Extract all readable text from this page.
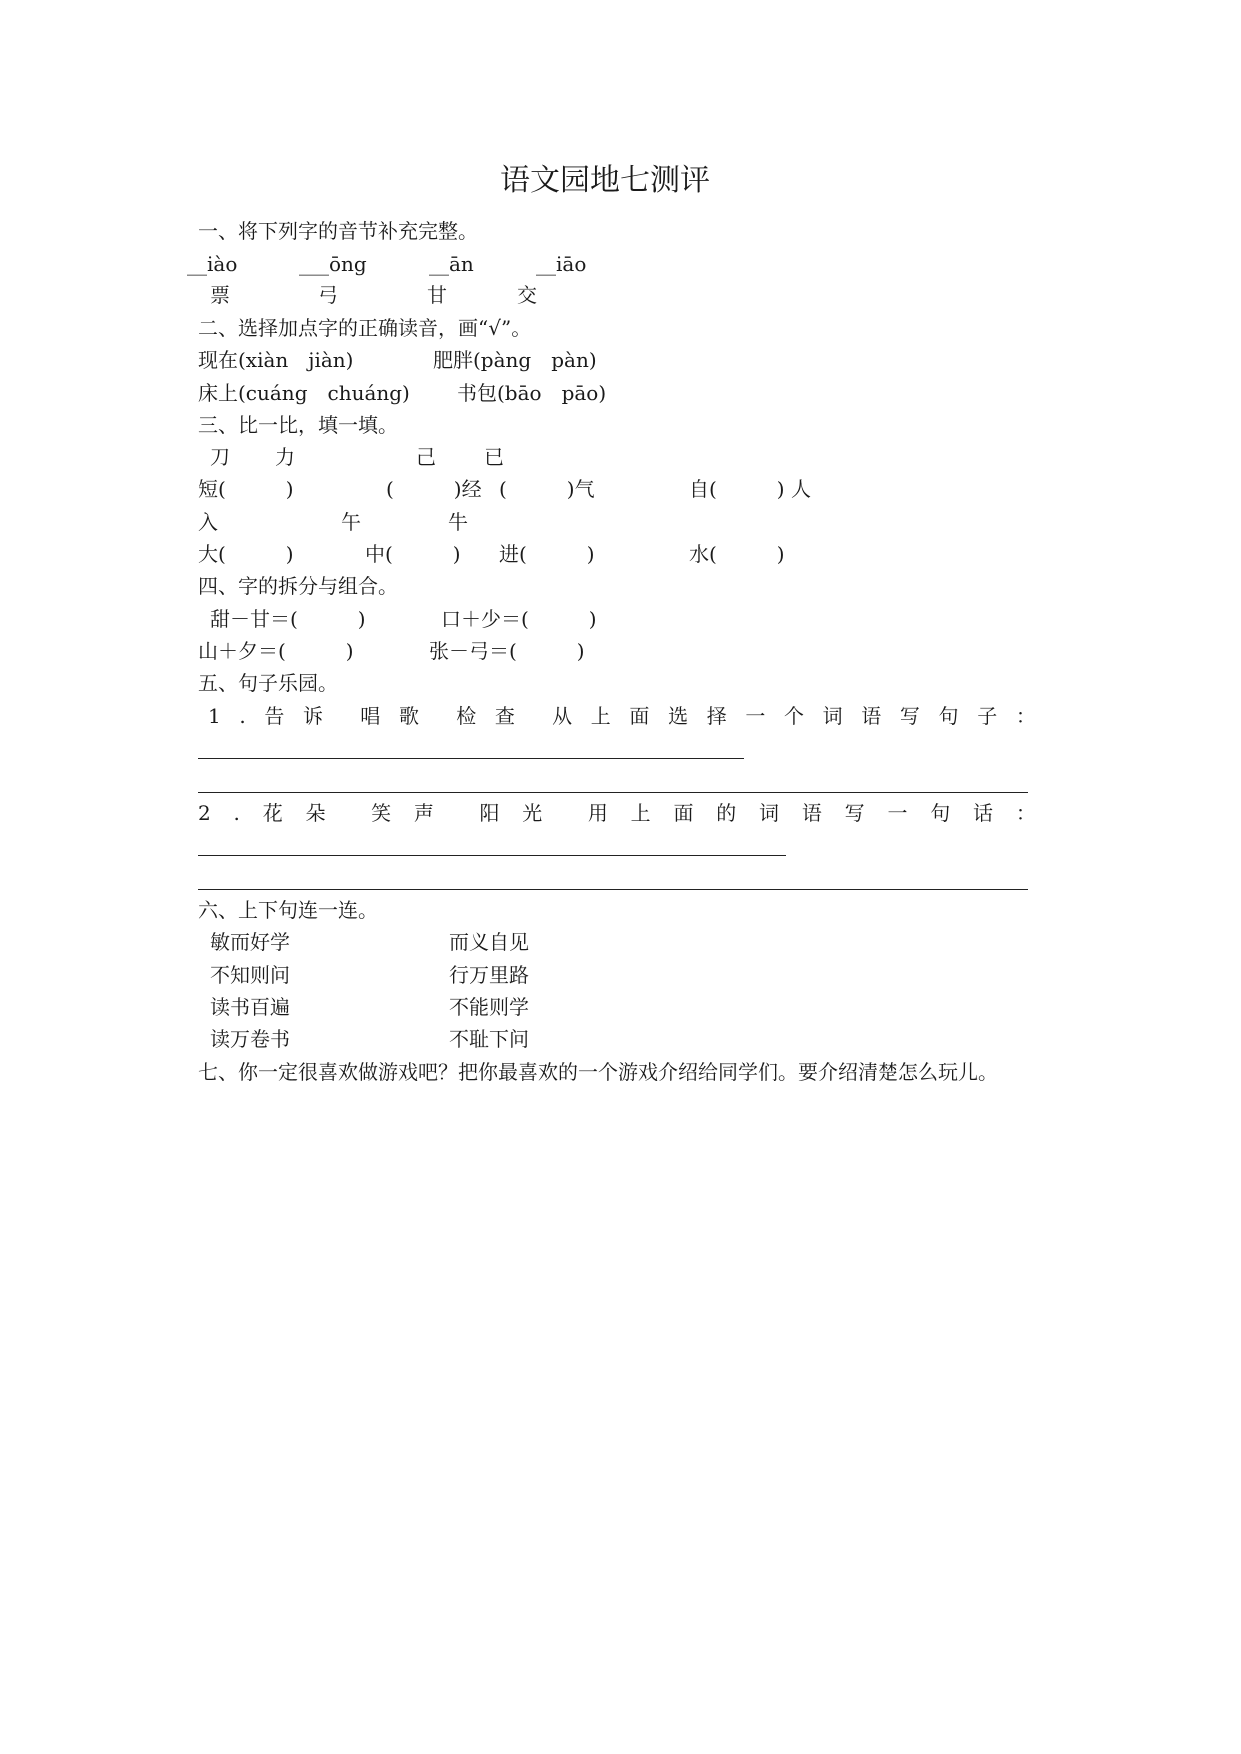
语文园地七测评
一、将下列字的音节补充完整。
__iào	___ōng	__ān	__iāo
票	弓	甘	交
二、选择加点字的正确读音，画“√”。
现在(xiàn　jiàn)	肥胖(pàng　pàn)
床上(cuáng　chuáng) 书包(bāo　pāo)
三、比一比，填一填。
刀 力	己 已
短(　　　)	(　　　)经 (　　　)气	自(　　　) 人
入	午	牛
大(　　　)	中(　　　) 进(　　　)	水(　　　)
四、字的拆分与组合。
甜－甘＝(　　　)	口＋少＝(　　　)
山＋夕＝(　　　)	张－弓＝(　　　)
五、句子乐园。
1 . 告 诉 唱 歌 检 查 从 上 面 选 择 一 个 词 语 写 句 子 ：
2 . 花 朵 笑 声 阳 光 用 上 面 的 词 语 写 一 句 话 ：
六、上下句连一连。
敏而好学	而义自见
不知则问	行万里路
读书百遍	不能则学
读万卷书	不耻下问
七、你一定很喜欢做游戏吧？把你最喜欢的一个游戏介绍给同学们。要介绍清楚怎么玩儿。
